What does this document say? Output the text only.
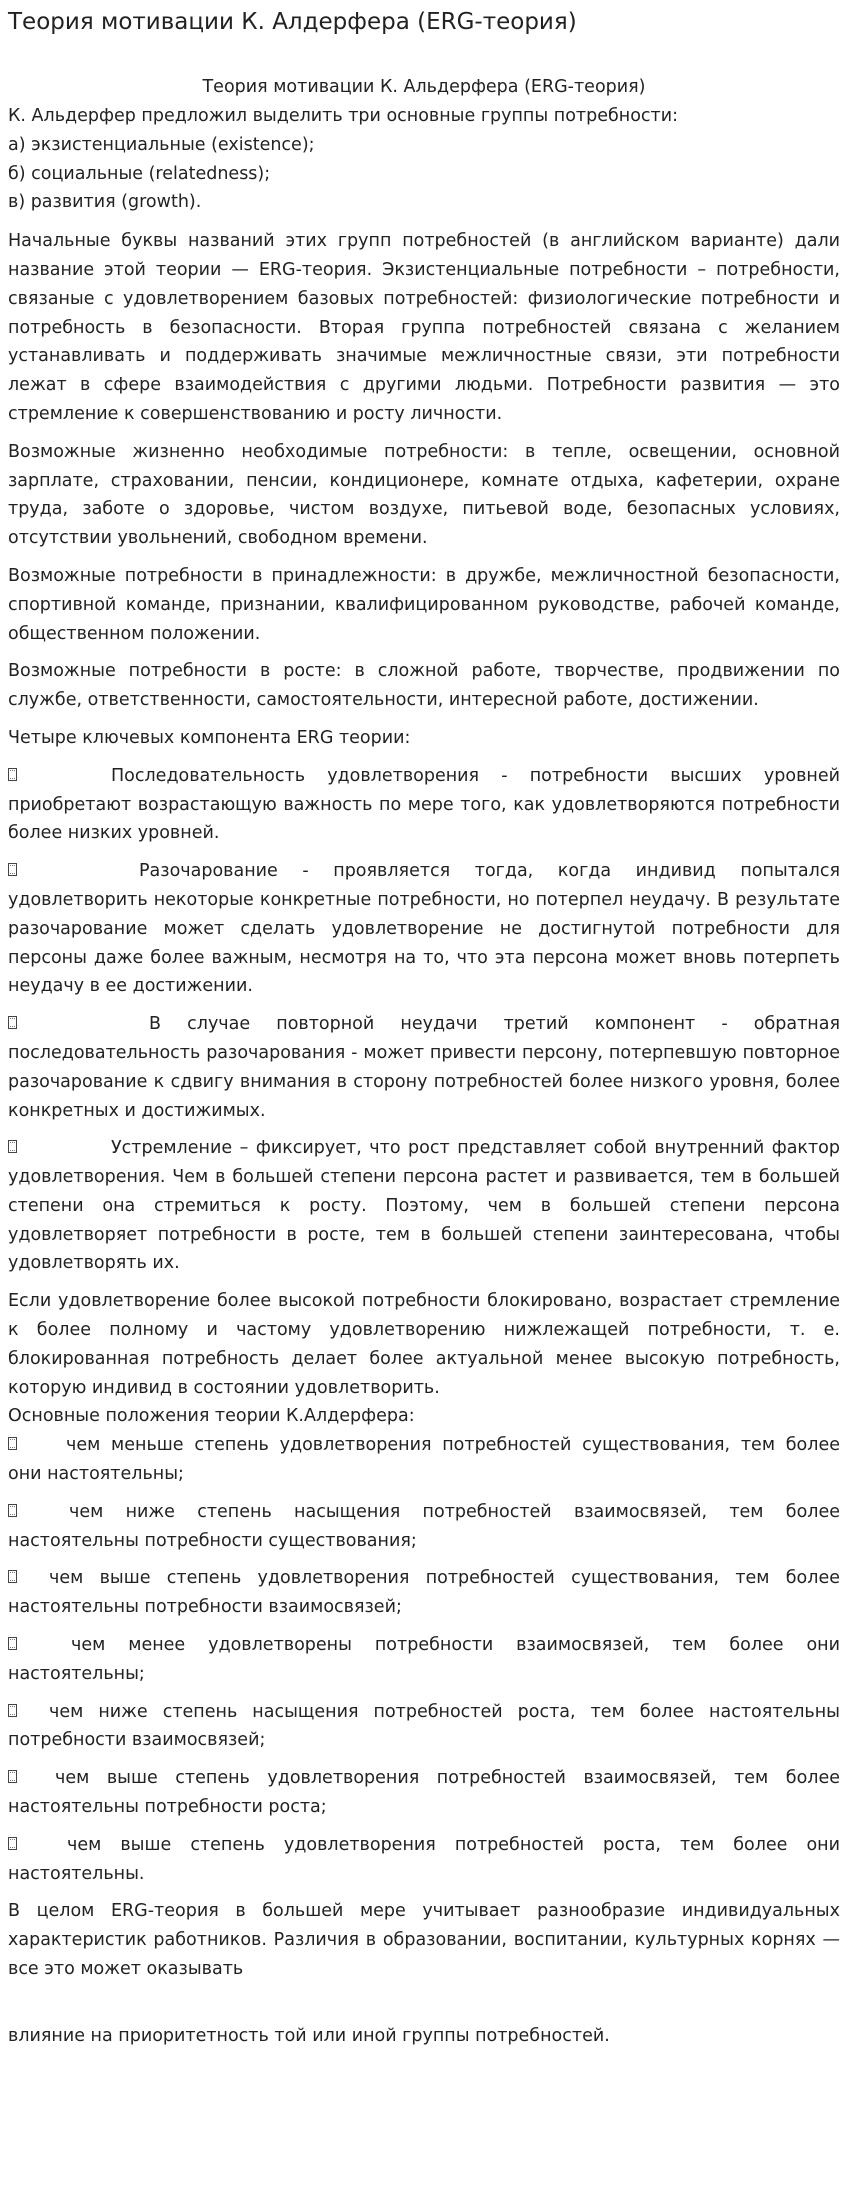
Теория мотивации К. Алдерфера (ERG-теория)
Теория мотивации К. Альдерфера (ERG-теория)

К. Альдерфер предложил выделить три основные группы потребности:

а) экзистенциальные (existence);

б) социальные (relatedness);

в) развития (growth).

Начальные буквы названий этих групп потребностей (в английском варианте) дали название этой теории — ERG-теория. Экзистенциальные потребности – потребности, связаные с удовлетворением базовых потребностей: физиологические потребности и потребность в безопасности. Вторая группа потребностей связана с желанием устанавливать и поддерживать значимые межличностные связи, эти потребности лежат в сфере взаимодействия с другими людьми. Потребности развития — это стремление к совершенствованию и росту личности.

Возможные жизненно необходимые потребности: в тепле, освещении, основной зарплате, страховании, пенсии, кондиционере, комнате отдыха, кафетерии, охране труда, заботе о здоровье, чистом воздухе, питьевой воде, безопасных условиях, отсутствии увольнений, свободном времени.

Возможные потребности в принадлежности: в дружбе, межличностной безопасности, спортивной команде, признании, квалифицированном руководстве, рабочей команде, общественном положении.

Возможные потребности в росте: в сложной работе, творчестве, продвижении по службе, ответственности, самостоятельности, интересной работе, достижении.

Четыре ключевых компонента ERG теории:

Последовательность удовлетворения - потребности высших уровней приобретают возрастающую важность по мере того, как удовлетворяются потребности более низких уровней.

Разочарование - проявляется тогда, когда индивид попытался удовлетворить некоторые конкретные потребности, но потерпел неудачу. В результате разочарование может сделать удовлетворение не достигнутой потребности для персоны даже более важным, несмотря на то, что эта персона может вновь потерпеть неудачу в ее достижении.

В случае повторной неудачи третий компонент - обратная последовательность разочарования - может привести персону, потерпевшую повторное разочарование к сдвигу внимания в сторону потребностей более низкого уровня, более конкретных и достижимых.

Устремление – фиксирует, что рост представляет собой внутренний фактор удовлетворения. Чем в большей степени персона растет и развивается, тем в большей степени она стремиться к росту. Поэтому, чем в большей степени персона удовлетворяет потребности в росте, тем в большей степени заинтересована, чтобы удовлетворять их.

Если удовлетворение более высокой потребности блокировано, возрастает стремление к более полному и частому удовлетворению нижлежащей потребности, т. е. блокированная потребность делает более актуальной менее высокую потребность, которую индивид в состоянии удовлетворить.

Основные положения теории К.Алдерфера:

чем меньше степень удовлетворения потребностей существования, тем более они настоятельны;

чем ниже степень насыщения потребностей взаимосвязей, тем более настоятельны потребности существования;

чем выше степень удовлетворения потребностей существования, тем более настоятельны потребности взаимосвязей;

чем менее удовлетворены потребности взаимосвязей, тем более они настоятельны;

чем ниже степень насыщения потребностей роста, тем более настоятельны потребности взаимосвязей;

чем выше степень удовлетворения потребностей взаимосвязей, тем более настоятельны потребности роста;

чем выше степень удовлетворения потребностей роста, тем более они настоятельны.

В целом ERG-теория в большей мере учитывает разнообразие индивидуальных характеристик работников. Различия в образовании, воспитании, культурных корнях — все это может оказывать

влияние на приоритетность той или иной группы потребностей.
